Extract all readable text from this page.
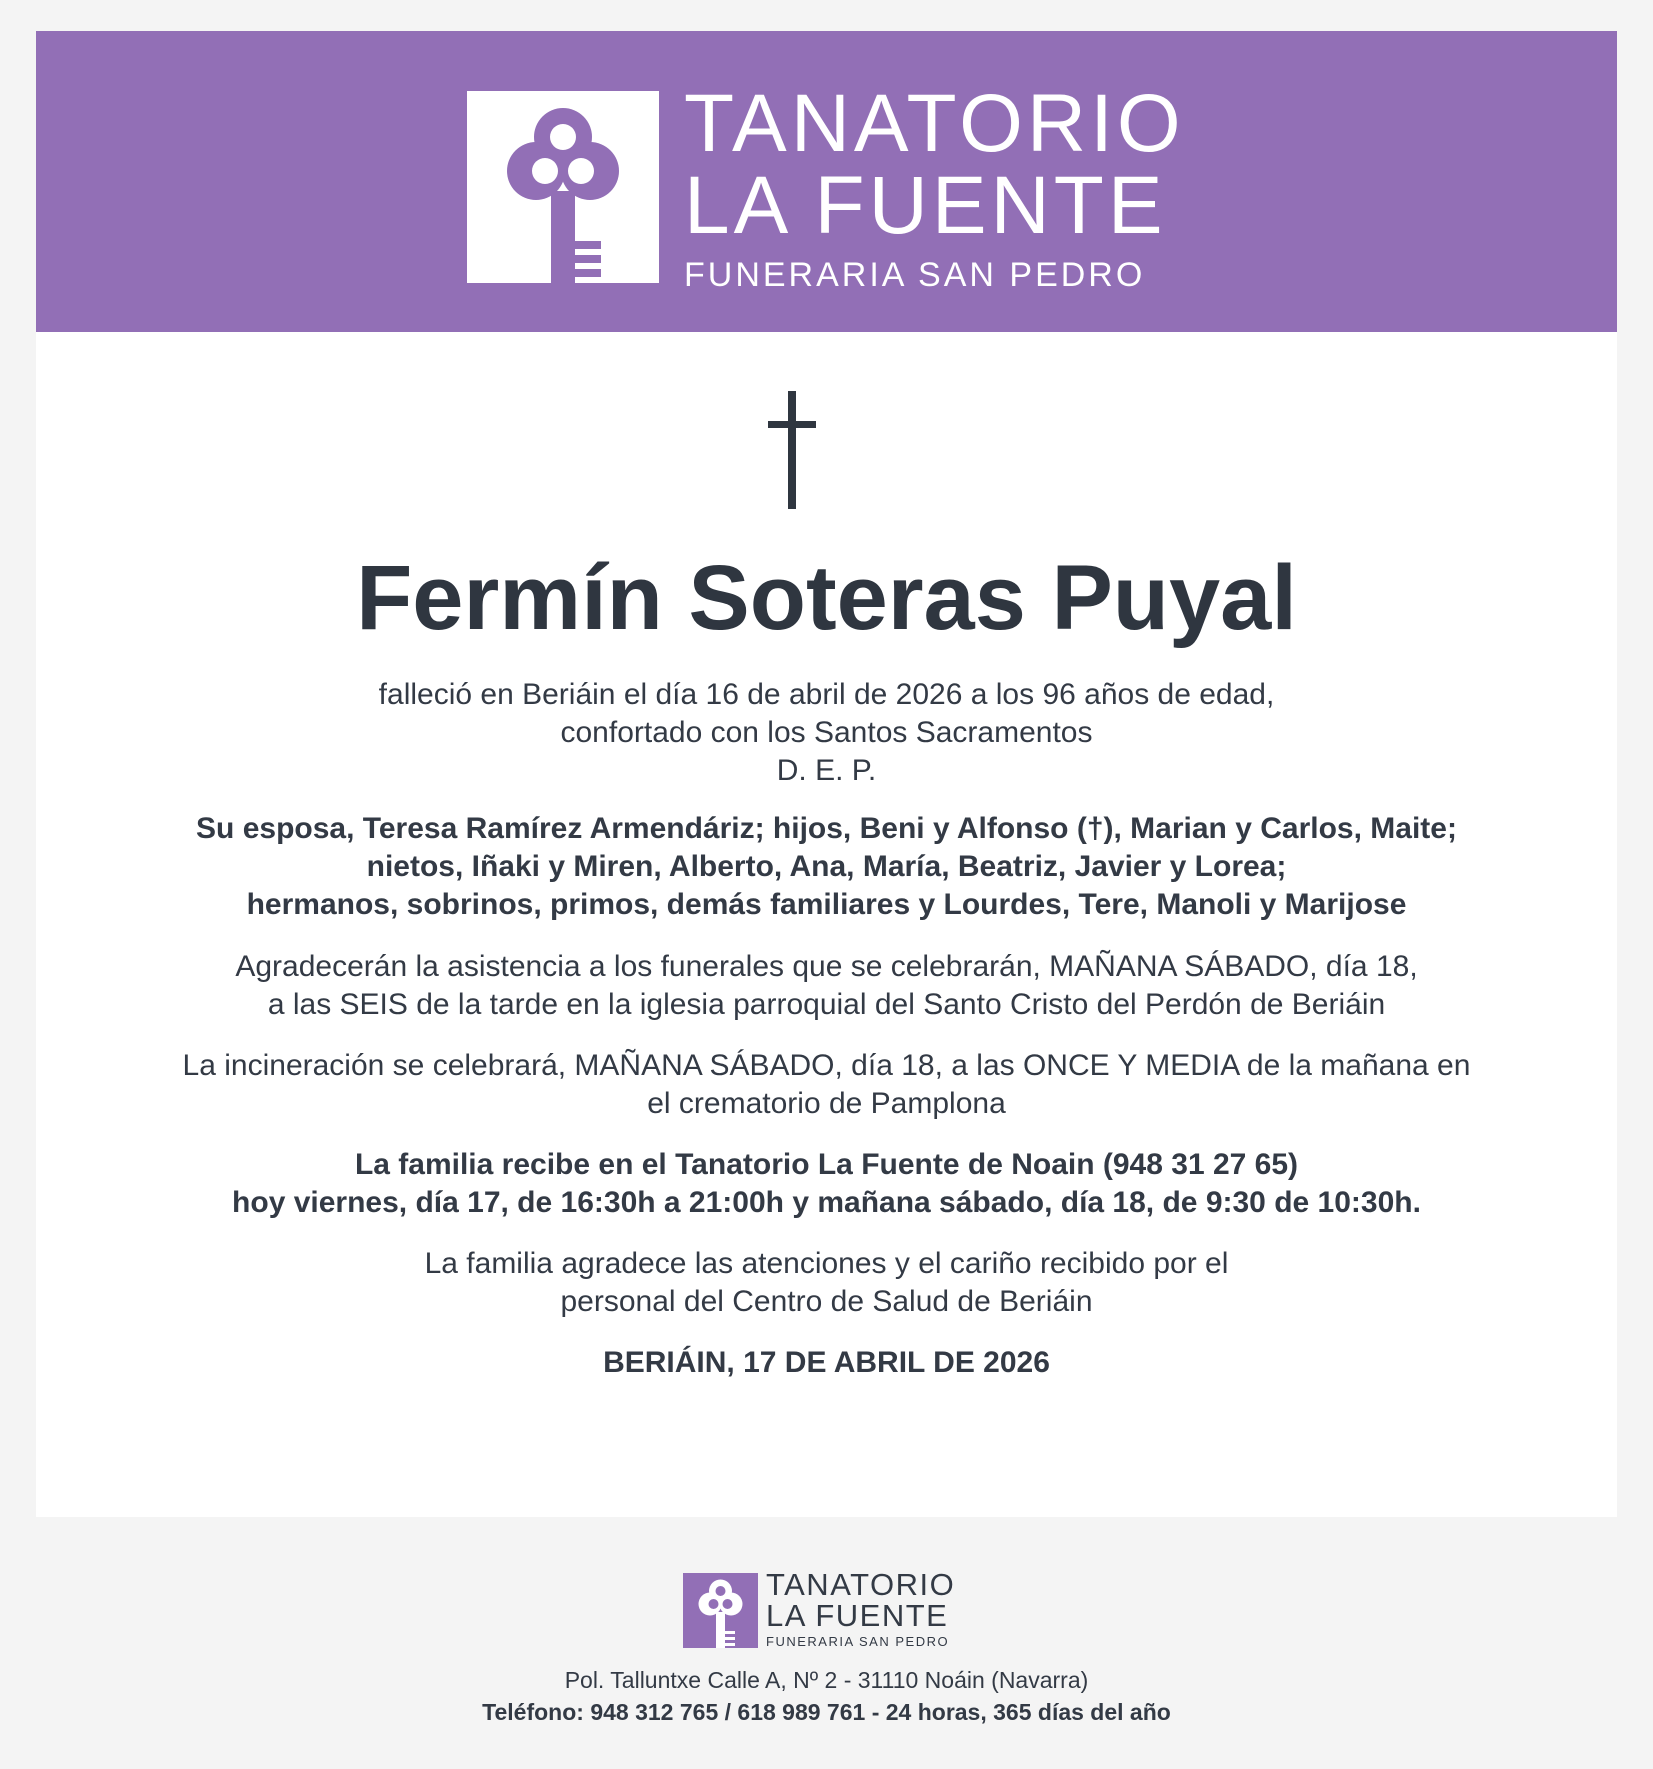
TANATORIO
LA FUENTE
FUNERARIA SAN PEDRO
Fermín Soteras Puyal
falleció en Beriáin el día 16 de abril de 2026 a los 96 años de edad,
confortado con los Santos Sacramentos
D. E. P.
Su esposa, Teresa Ramírez Armendáriz; hijos, Beni y Alfonso (†), Marian y Carlos, Maite;
nietos, Iñaki y Miren, Alberto, Ana, María, Beatriz, Javier y Lorea;
hermanos, sobrinos, primos, demás familiares y Lourdes, Tere, Manoli y Marijose
Agradecerán la asistencia a los funerales que se celebrarán, MAÑANA SÁBADO, día 18,
a las SEIS de la tarde en la iglesia parroquial del Santo Cristo del Perdón de Beriáin
La incineración se celebrará, MAÑANA SÁBADO, día 18, a las ONCE Y MEDIA de la mañana en
el crematorio de Pamplona
La familia recibe en el Tanatorio La Fuente de Noain (948 31 27 65)
hoy viernes, día 17, de 16:30h a 21:00h y mañana sábado, día 18, de 9:30 de 10:30h.
La familia agradece las atenciones y el cariño recibido por el
personal del Centro de Salud de Beriáin
BERIÁIN, 17 DE ABRIL DE 2026
TANATORIO
LA FUENTE
FUNERARIA SAN PEDRO
Pol. Talluntxe Calle A, Nº 2 - 31110 Noáin (Navarra)
Teléfono: 948 312 765 / 618 989 761 - 24 horas, 365 días del año
